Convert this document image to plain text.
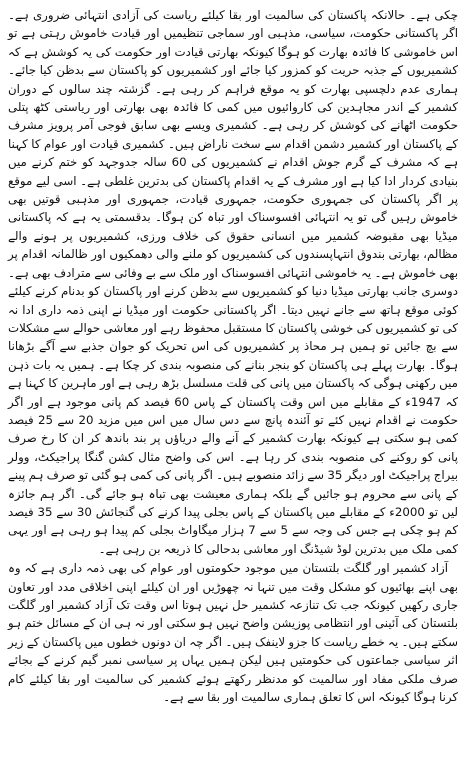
چکی ہے۔ حالانکہ پاکستان کی سالمیت اور بقا کیلئے ریاست کی آزادی انتہائی ضروری ہے۔ اگر پاکستانی حکومت، سیاسی، مذہبی اور سماجی تنظیمیں اور قیادت خاموش رہتی ہے تو اس خاموشی کا فائدہ بھارت کو ہوگا کیونکہ بھارتی قیادت اور حکومت کی یہ کوشش ہے کہ کشمیریوں کے جذبہ حریت کو کمزور کیا جائے اور کشمیریوں کو پاکستان سے بدظن کیا جائے۔ ہماری عدم دلچسپی بھارت کو یہ موقع فراہم کر رہی ہے۔ گزشتہ چند سالوں کے دوران کشمیر کے اندر مجاہدین کی کاروائیوں میں کمی کا فائدہ بھی بھارتی اور ریاستی کٹھ پتلی حکومت اٹھانے کی کوشش کر رہی ہے۔ کشمیری ویسے بھی سابق فوجی آمر پرویز مشرف کے پاکستان اور کشمیر دشمن اقدام سے سخت ناراض ہیں۔ کشمیری قیادت اور عوام کا کہنا ہے کہ مشرف کے گرم جوش اقدام نے کشمیریوں کی 60 سالہ جدوجہد کو ختم کرنے میں بنیادی کردار ادا کیا ہے اور مشرف کے یہ اقدام پاکستان کی بدترین غلطی ہے۔ اسی لیے موقع پر اگر پاکستان کی جمہوری حکومت، جمہوری قیادت، جمہوری اور مذہبی قوتیں بھی خاموش رہیں گی تو یہ انتہائی افسوسناک اور تباہ کن ہوگا۔ بدقسمتی یہ ہے کہ پاکستانی میڈیا بھی مقبوضہ کشمیر میں انسانی حقوق کی خلاف ورزی، کشمیریوں پر ہونے والے مظالم، بھارتی بندوق انتہاپسندوں کی کشمیریوں کو ملنے والی دھمکیوں اور ظالمانہ اقدام پر بھی خاموش ہے۔ یہ خاموشی انتہائی افسوسناک اور ملک سے بے وفائی سے مترادف بھی ہے۔ دوسری جانب بھارتی میڈیا دنیا کو کشمیریوں سے بدظن کرنے اور پاکستان کو بدنام کرنے کیلئے کوئی موقع ہاتھ سے جانے نہیں دیتا۔ اگر پاکستانی حکومت اور میڈیا نے اپنی ذمہ داری ادا نہ کی تو کشمیریوں کی خوشی پاکستان کا مستقبل محفوظ رہے اور معاشی حوالے سے مشکلات سے بچ جائیں تو ہمیں ہر محاذ پر کشمیریوں کی اس تحریک کو جوان جذبے سے آگے بڑھانا ہوگا۔ بھارت پہلے ہی پاکستان کو بنجر بنانے کی منصوبہ بندی کر چکا ہے۔ ہمیں یہ بات ذہن میں رکھنی ہوگی کہ پاکستان میں پانی کی قلت مسلسل بڑھ رہی ہے اور ماہرین کا کہنا ہے کہ 1947ء کے مقابلے میں اس وقت پاکستان کے پاس 60 فیصد کم پانی موجود ہے اور اگر حکومت نے اقدام نہیں کئے تو آئندہ پانچ سے دس سال میں اس میں مزید 20 سے 25 فیصد کمی ہو سکتی ہے کیونکہ بھارت کشمیر کے آنے والے دریاؤں پر بند باندھ کر ان کا رخ صرف پانی کو روکنے کی منصوبہ بندی کر رہا ہے۔ اس کی واضح مثال کشن گنگا پراجیکٹ، وولر بیراج پراجیکٹ اور دیگر 35 سے زائد منصوبے ہیں۔ اگر پانی کی کمی ہو گئی تو صرف ہم پینے کے پانی سے محروم ہو جائیں گے بلکہ ہماری معیشت بھی تباہ ہو جائے گی۔ اگر ہم جائزہ لیں تو 2000ء کے مقابلے میں پاکستان کے پاس بجلی پیدا کرنے کی گنجائش 30 سے 35 فیصد کم ہو چکی ہے جس کی وجہ سے 5 سے 7 ہزار میگاواٹ بجلی کم پیدا ہو رہی ہے اور یہی کمی ملک میں بدترین لوڈ شیڈنگ اور معاشی بدحالی کا ذریعہ بن رہی ہے۔

آزاد کشمیر اور گلگت بلتستان میں موجود حکومتوں اور عوام کی بھی ذمہ داری ہے کہ وہ بھی اپنے بھائیوں کو مشکل وقت میں تنہا نہ چھوڑیں اور ان کیلئے اپنی اخلاقی مدد اور تعاون جاری رکھیں کیونکہ جب تک تنازعہ کشمیر حل نہیں ہوتا اس وقت تک آزاد کشمیر اور گلگت بلتستان کی آئینی اور انتظامی پوزیشن واضح نہیں ہو سکتی اور نہ ہی ان کے مسائل ختم ہو سکتے ہیں۔ یہ خطے ریاست کا جزو لاینفک ہیں۔ اگر چہ ان دونوں خطوں میں پاکستان کے زیر اثر سیاسی جماعتوں کی حکومتیں ہیں لیکن ہمیں یہاں پر سیاسی نمبر گیم کرنے کے بجائے صرف ملکی مفاد اور سالمیت کو مدنظر رکھتے ہوئے کشمیر کی سالمیت اور بقا کیلئے کام کرنا ہوگا کیونکہ اس کا تعلق ہماری سالمیت اور بقا سے ہے۔
